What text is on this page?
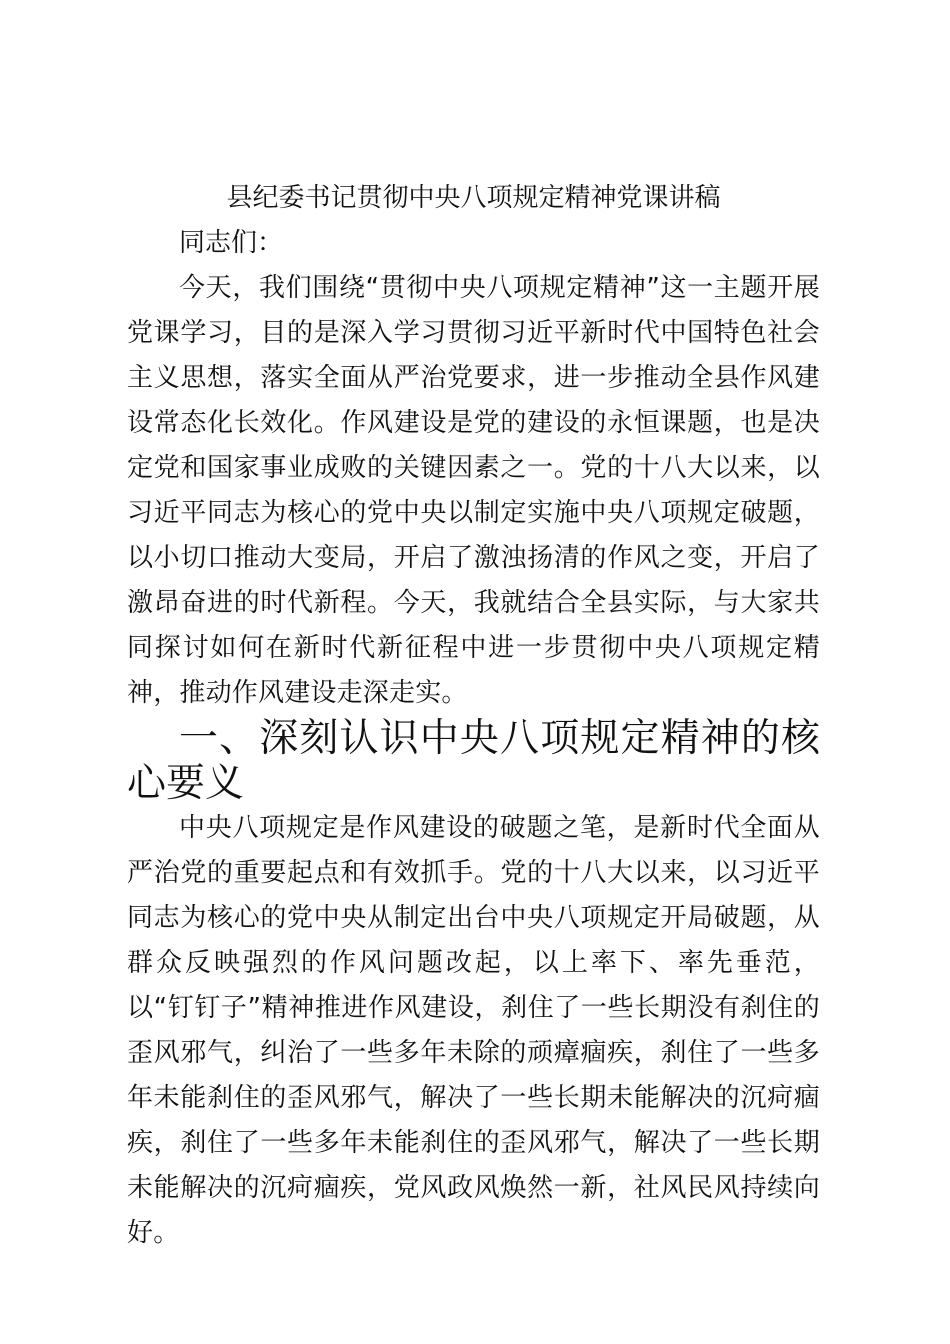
县纪委书记贯彻中央八项规定精神党课讲稿

同志们：

今天，我们围绕“贯彻中央八项规定精神”这一主题开展党课学习，目的是深入学习贯彻习近平新时代中国特色社会主义思想，落实全面从严治党要求，进一步推动全县作风建设常态化长效化。作风建设是党的建设的永恒课题，也是决定党和国家事业成败的关键因素之一。党的十八大以来，以习近平同志为核心的党中央以制定实施中央八项规定破题，以小切口推动大变局，开启了激浊扬清的作风之变，开启了激昂奋进的时代新程。今天，我就结合全县实际，与大家共同探讨如何在新时代新征程中进一步贯彻中央八项规定精神，推动作风建设走深走实。

一、深刻认识中央八项规定精神的核心要义

中央八项规定是作风建设的破题之笔，是新时代全面从严治党的重要起点和有效抓手。党的十八大以来，以习近平同志为核心的党中央从制定出台中央八项规定开局破题，从群众反映强烈的作风问题改起，以上率下、率先垂范，以“钉钉子”精神推进作风建设，刹住了一些长期没有刹住的歪风邪气，纠治了一些多年未除的顽瘴痼疾，刹住了一些多年未能刹住的歪风邪气，解决了一些长期未能解决的沉疴痼疾，刹住了一些多年未能刹住的歪风邪气，解决了一些长期未能解决的沉疴痼疾，党风政风焕然一新，社风民风持续向好。
